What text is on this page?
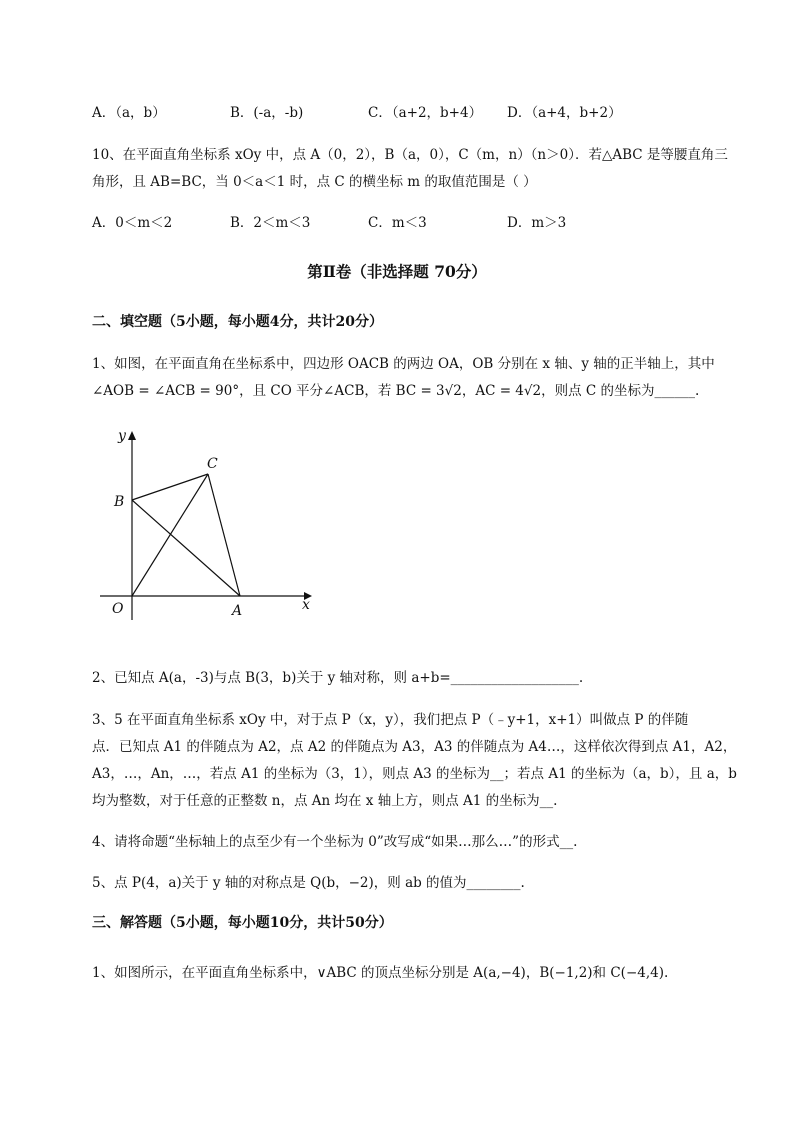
A．（a，b）	B．(-a，-b)	C．（a+2，b+4） D．（a+4，b+2）
10、在平面直角坐标系 xOy 中，点 A（0，2），B（a，0），C（m，n）（n＞0）．若△ABC 是等腰直角三
角形，且 AB=BC，当 0＜a＜1 时，点 C 的横坐标 m 的取值范围是（ ）
A．0＜m＜2	B．2＜m＜3	C．m＜3	D．m＞3
第Ⅱ卷（非选择题 70分）
二、填空题（5小题，每小题4分，共计20分）
1、如图，在平面直角在坐标系中，四边形 OACB 的两边 OA，OB 分别在 x 轴、y 轴的正半轴上，其中
∠AOB = ∠ACB = 90°，且 CO 平分∠ACB，若 BC = 3√2，AC = 4√2，则点 C 的坐标为______.
y
x
O	A
B
C
2、已知点 A(a，-3)与点 B(3，b)关于 y 轴对称，则 a+b=___________________.
3、5 在平面直角坐标系 xOy 中，对于点 P（x，y），我们把点 P（﹣y+1，x+1）叫做点 P 的伴随
点．已知点 A1 的伴随点为 A2，点 A2 的伴随点为 A3，A3 的伴随点为 A4…，这样依次得到点 A1，A2，
A3，…，An，…，若点 A1 的坐标为（3，1），则点 A3 的坐标为__；若点 A1 的坐标为（a，b），且 a，b
均为整数，对于任意的正整数 n，点 An 均在 x 轴上方，则点 A1 的坐标为__.
4、请将命题“坐标轴上的点至少有一个坐标为 0”改写成“如果…那么…”的形式__.
5、点 P(4，a)关于 y 轴的对称点是 Q(b，−2)，则 ab 的值为________.
三、解答题（5小题，每小题10分，共计50分）
1、如图所示，在平面直角坐标系中，∨ABC 的顶点坐标分别是 A(a,−4)，B(−1,2)和 C(−4,4).
